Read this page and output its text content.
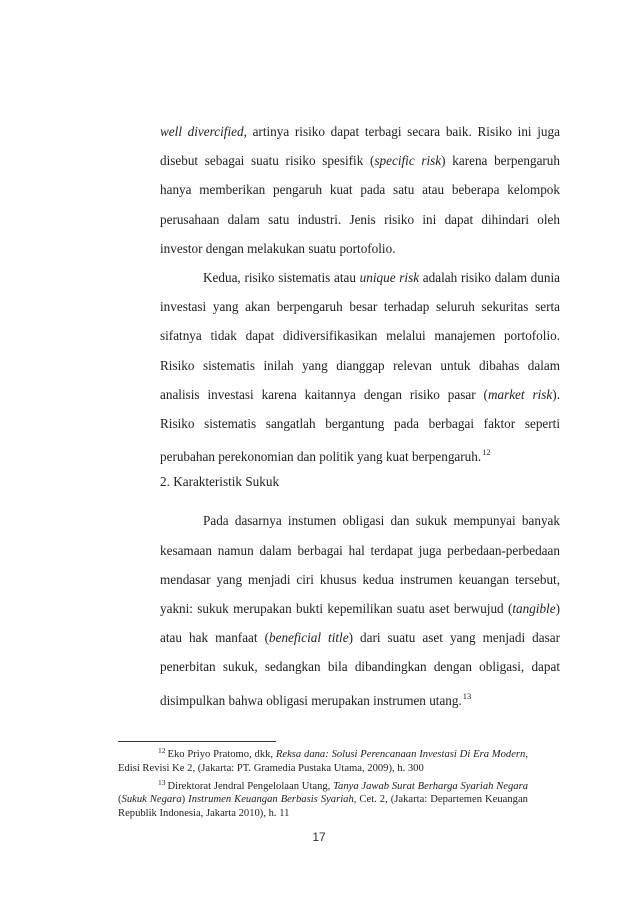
well divercified, artinya risiko dapat terbagi secara baik. Risiko ini juga
disebut sebagai suatu risiko spesifik (specific risk) karena berpengaruh
hanya memberikan pengaruh kuat pada satu atau beberapa kelompok
perusahaan dalam satu industri. Jenis risiko ini dapat dihindari oleh
investor dengan melakukan suatu portofolio.
Kedua, risiko sistematis atau unique risk adalah risiko dalam dunia
investasi yang akan berpengaruh besar terhadap seluruh sekuritas serta
sifatnya tidak dapat didiversifikasikan melalui manajemen portofolio.
Risiko sistematis inilah yang dianggap relevan untuk dibahas dalam
analisis investasi karena kaitannya dengan risiko pasar (market risk).
Risiko sistematis sangatlah bergantung pada berbagai faktor seperti
perubahan perekonomian dan politik yang kuat berpengaruh.$^{12}$
2. Karakteristik Sukuk
Pada dasarnya instumen obligasi dan sukuk mempunyai banyak
kesamaan namun dalam berbagai hal terdapat juga perbedaan-perbedaan
mendasar yang menjadi ciri khusus kedua instrumen keuangan tersebut,
yakni: sukuk merupakan bukti kepemilikan suatu aset berwujud (tangible)
atau hak manfaat (beneficial title) dari suatu aset yang menjadi dasar
penerbitan sukuk, sedangkan bila dibandingkan dengan obligasi, dapat
disimpulkan bahwa obligasi merupakan instrumen utang.$^{13}$
$^{12}$ Eko Priyo Pratomo, dkk, Reksa dana: Solusi Perencanaan Investasi Di Era Modern,
Edisi Revisi Ke 2, (Jakarta: PT. Gramedia Pustaka Utama, 2009), h. 300
$^{13}$ Direktorat Jendral Pengelolaan Utang, Tanya Jawab Surat Berharga Syariah Negara
(Sukuk Negara) Instrumen Keuangan Berbasis Syariah, Cet. 2, (Jakarta: Departemen Keuangan
Republik Indonesia, Jakarta 2010), h. 11
17
